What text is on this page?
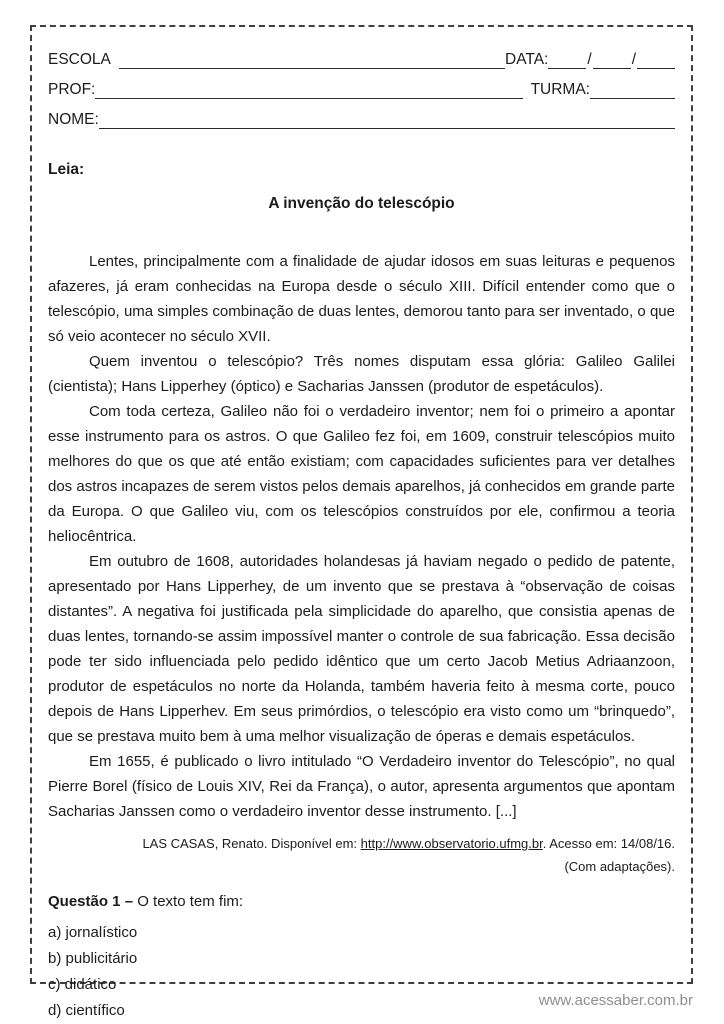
ESCOLA	DATA:	/	/
PROF:	TURMA:
NOME:
Leia:
A invenção do telescópio

Lentes, principalmente com a finalidade de ajudar idosos em suas leituras e pequenos afazeres, já eram conhecidas na Europa desde o século XIII. Difícil entender como que o telescópio, uma simples combinação de duas lentes, demorou tanto para ser inventado, o que só veio acontecer no século XVII.

Quem inventou o telescópio? Três nomes disputam essa glória: Galileo Galilei (cientista); Hans Lipperhey (óptico) e Sacharias Janssen (produtor de espetáculos).

Com toda certeza, Galileo não foi o verdadeiro inventor; nem foi o primeiro a apontar esse instrumento para os astros. O que Galileo fez foi, em 1609, construir telescópios muito melhores do que os que até então existiam; com capacidades suficientes para ver detalhes dos astros incapazes de serem vistos pelos demais aparelhos, já conhecidos em grande parte da Europa. O que Galileo viu, com os telescópios construídos por ele, confirmou a teoria heliocêntrica.

Em outubro de 1608, autoridades holandesas já haviam negado o pedido de patente, apresentado por Hans Lipperhey, de um invento que se prestava à “observação de coisas distantes”. A negativa foi justificada pela simplicidade do aparelho, que consistia apenas de duas lentes, tornando-se assim impossível manter o controle de sua fabricação. Essa decisão pode ter sido influenciada pelo pedido idêntico que um certo Jacob Metius Adriaanzoon, produtor de espetáculos no norte da Holanda, também haveria feito à mesma corte, pouco depois de Hans Lipperhev. Em seus primórdios, o telescópio era visto como um “brinquedo”, que se prestava muito bem à uma melhor visualização de óperas e demais espetáculos.

Em 1655, é publicado o livro intitulado “O Verdadeiro inventor do Telescópio”, no qual Pierre Borel (físico de Louis XIV, Rei da França), o autor, apresenta argumentos que apontam Sacharias Janssen como o verdadeiro inventor desse instrumento. [...]

LAS CASAS, Renato. Disponível em: http://www.observatorio.ufmg.br. Acesso em: 14/08/16.
(Com adaptações).
Questão 1 – O texto tem fim:
a) jornalístico
b) publicitário
c) didático
d) científico
www.acessaber.com.br
